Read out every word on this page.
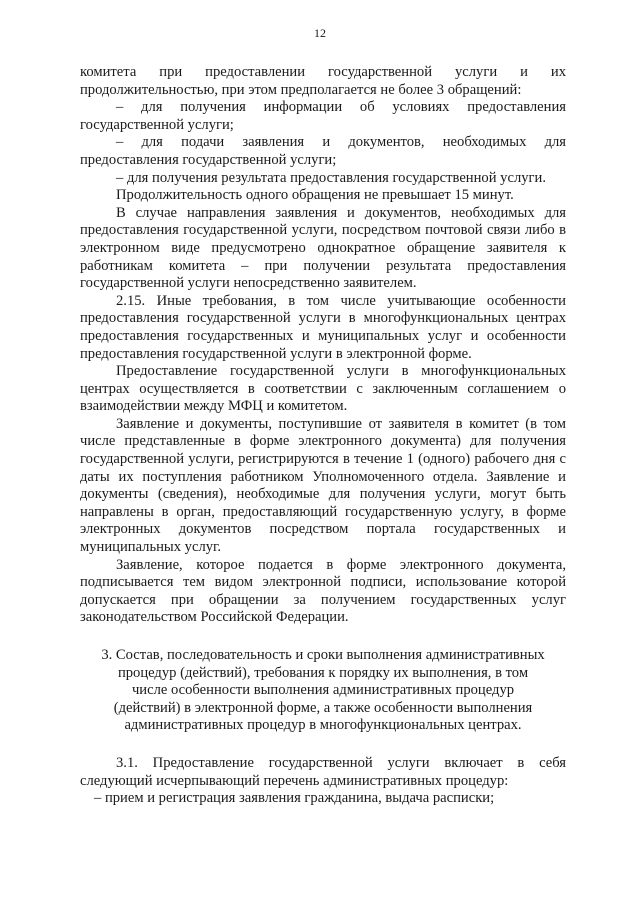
12

комитета при предоставлении государственной услуги и их продолжительностью, при этом предполагается не более 3 обращений:

– для получения информации об условиях предоставления государственной услуги;

– для подачи заявления и документов, необходимых для предоставления государственной услуги;

– для получения результата предоставления государственной услуги.

Продолжительность одного обращения не превышает 15 минут.

В случае направления заявления и документов, необходимых для предоставления государственной услуги, посредством почтовой связи либо в электронном виде предусмотрено однократное обращение заявителя к работникам комитета – при получении результата предоставления государственной услуги непосредственно заявителем.

2.15. Иные требования, в том числе учитывающие особенности предоставления государственной услуги в многофункциональных центрах предоставления государственных и муниципальных услуг и особенности предоставления государственной услуги в электронной форме.

Предоставление государственной услуги в многофункциональных центрах осуществляется в соответствии с заключенным соглашением о взаимодействии между МФЦ и комитетом.

Заявление и документы, поступившие от заявителя в комитет (в том числе представленные в форме электронного документа) для получения государственной услуги, регистрируются в течение 1 (одного) рабочего дня с даты их поступления работником Уполномоченного отдела. Заявление и документы (сведения), необходимые для получения услуги, могут быть направлены в орган, предоставляющий государственную услугу, в форме электронных документов посредством портала государственных и муниципальных услуг.

Заявление, которое подается в форме электронного документа, подписывается тем видом электронной подписи, использование которой допускается при обращении за получением государственных услуг законодательством Российской Федерации.

3. Состав, последовательность и сроки выполнения административных процедур (действий), требования к порядку их выполнения, в том числе особенности выполнения административных процедур (действий) в электронной форме, а также особенности выполнения административных процедур в многофункциональных центрах.

3.1. Предоставление государственной услуги включает в себя следующий исчерпывающий перечень административных процедур:

– прием и регистрация заявления гражданина, выдача расписки;
